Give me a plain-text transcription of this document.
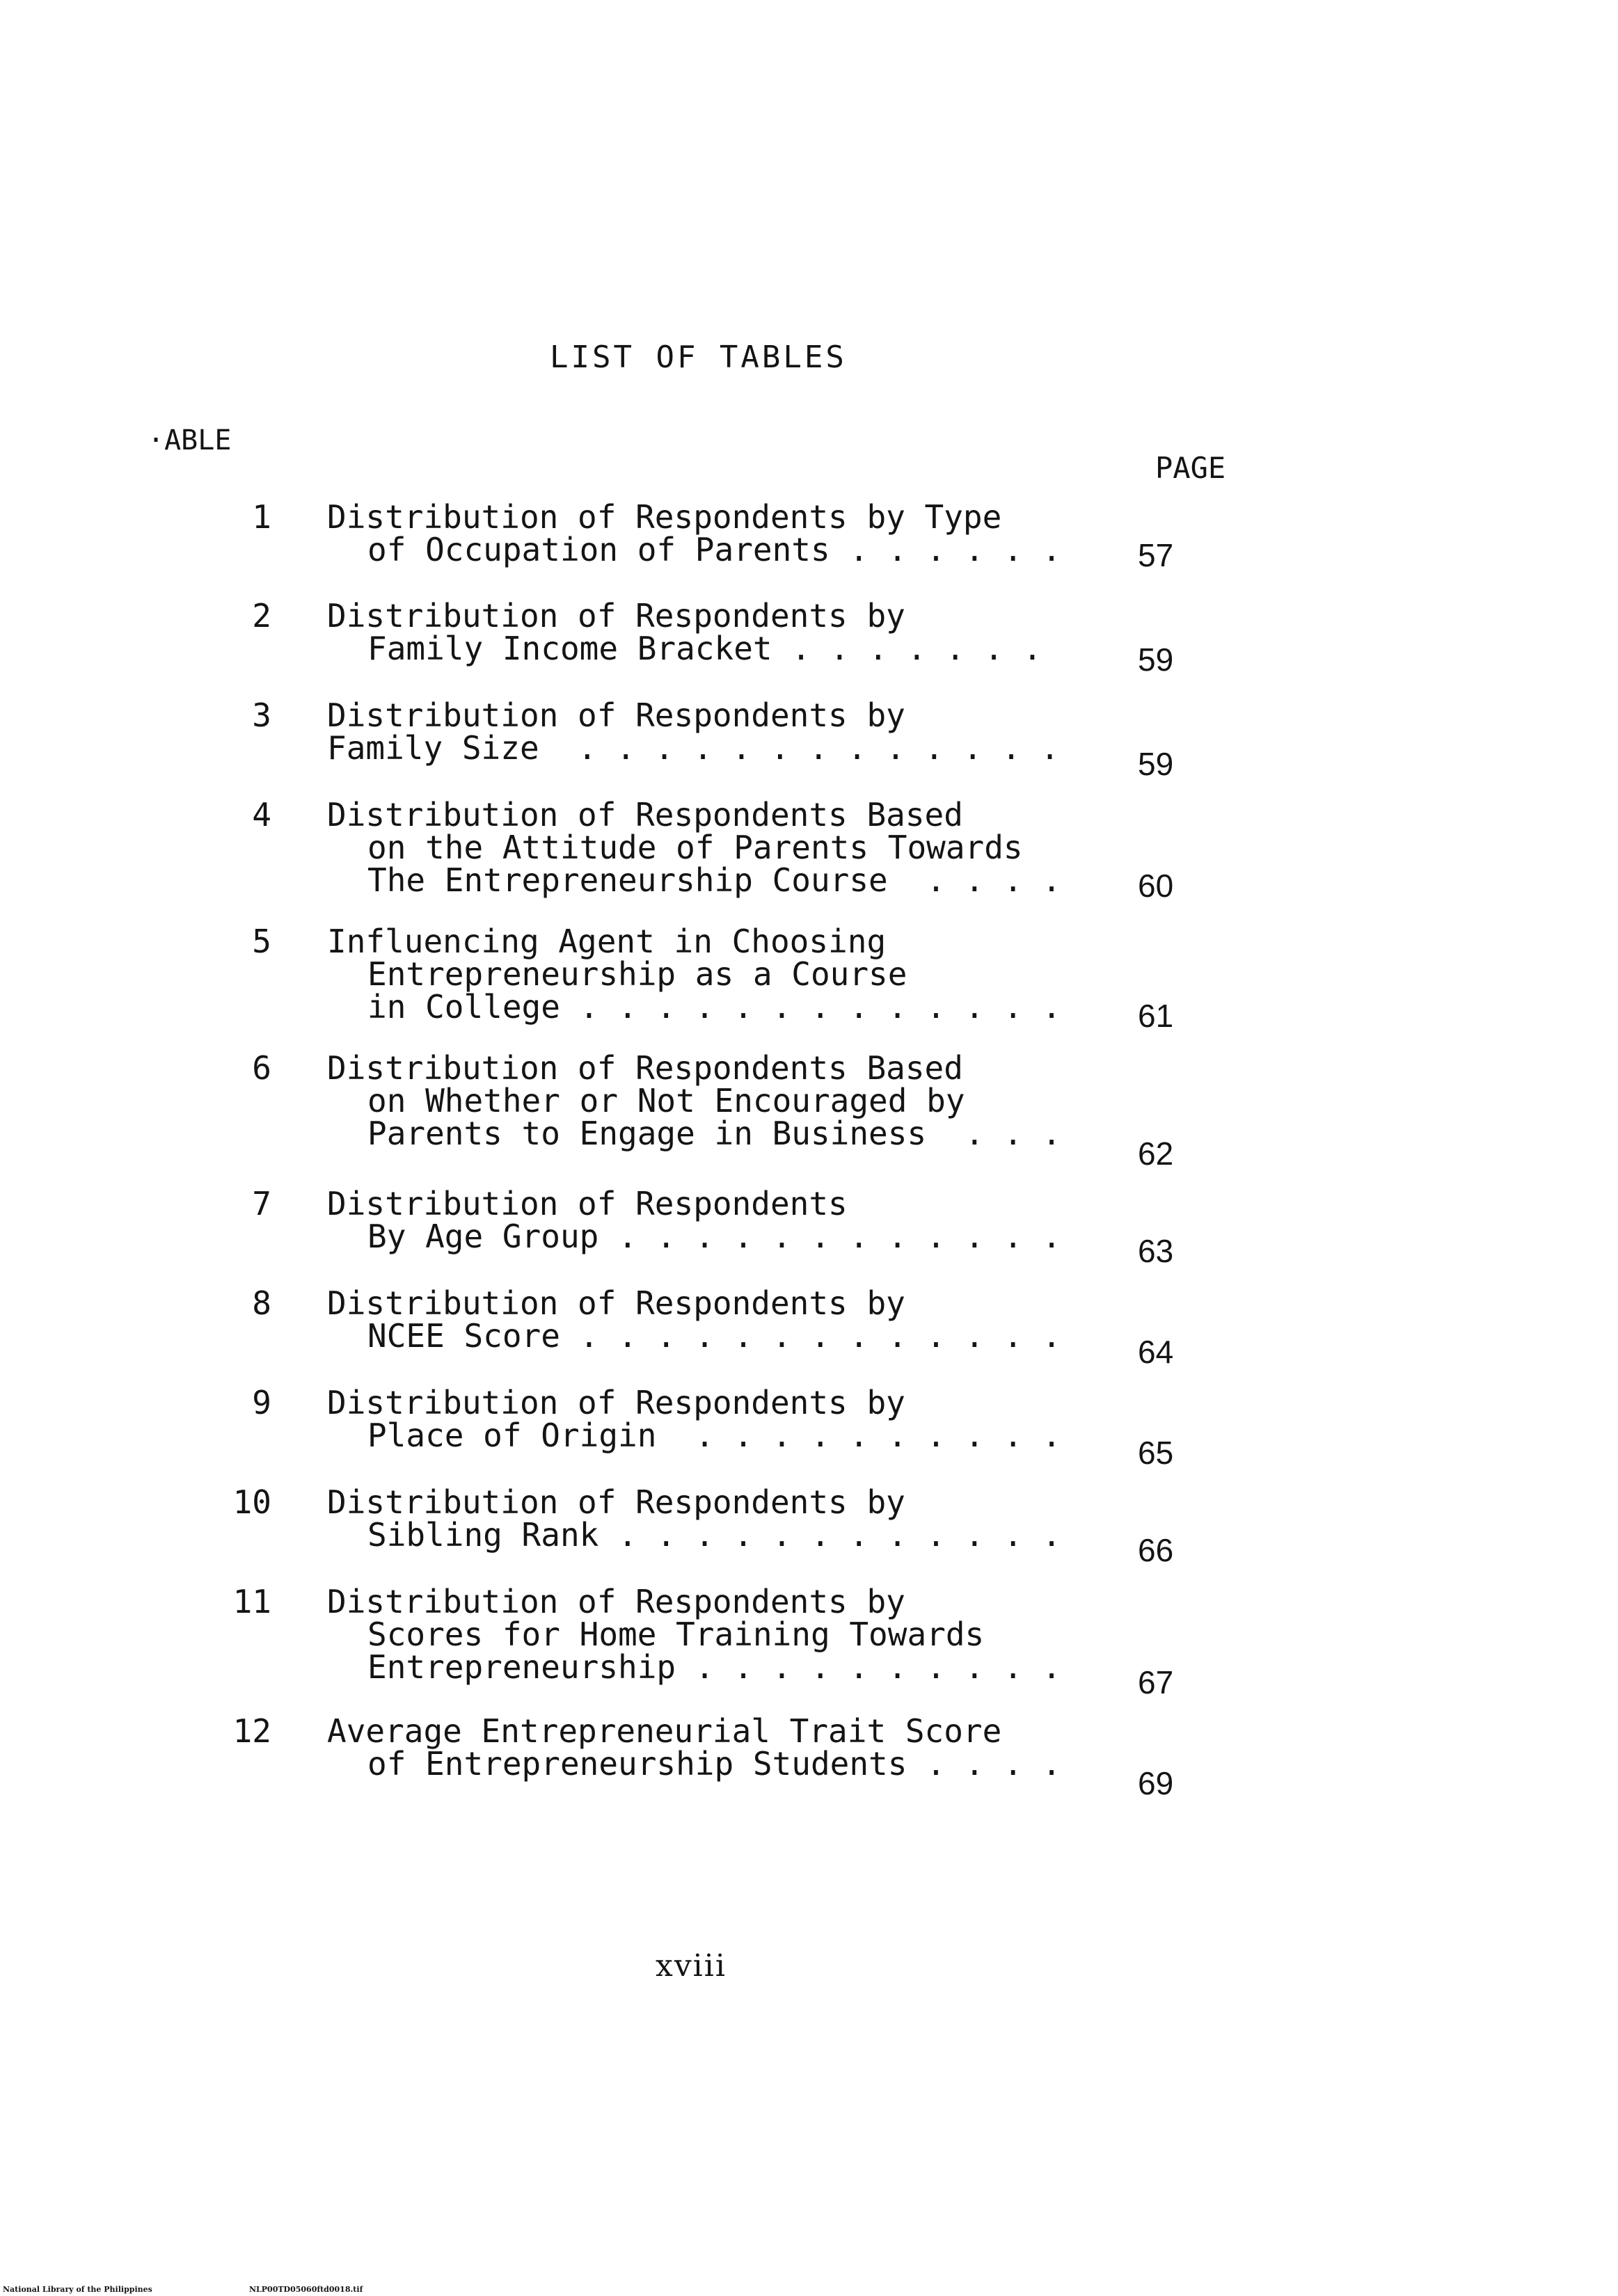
LIST OF TABLES
·ABLE
PAGE
1 Distribution of Respondents by Type
of Occupation of Parents . . . . . .	57
2 Distribution of Respondents by
Family Income Bracket . . . . . . .	59
3 Distribution of Respondents by
Family Size  . . . . . . . . . . . . .	59
4 Distribution of Respondents Based
on the Attitude of Parents Towards
The Entrepreneurship Course  . . . .	60
5 Influencing Agent in Choosing
Entrepreneurship as a Course
in College . . . . . . . . . . . . .	61
6 Distribution of Respondents Based
on Whether or Not Encouraged by
Parents to Engage in Business  . . .
62
7 Distribution of Respondents
By Age Group . . . . . . . . . . . .	63
8 Distribution of Respondents by
NCEE Score . . . . . . . . . . . . .	64
9 Distribution of Respondents by
Place of Origin  . . . . . . . . . .	65
10 Distribution of Respondents by
Sibling Rank . . . . . . . . . . . .	66
11 Distribution of Respondents by
Scores for Home Training Towards
Entrepreneurship . . . . . . . . . .	67
12 Average Entrepreneurial Trait Score
of Entrepreneurship Students . . . .
69
xviii
National Library of the Philippines	NLP00TD05060ftd0018.tif
